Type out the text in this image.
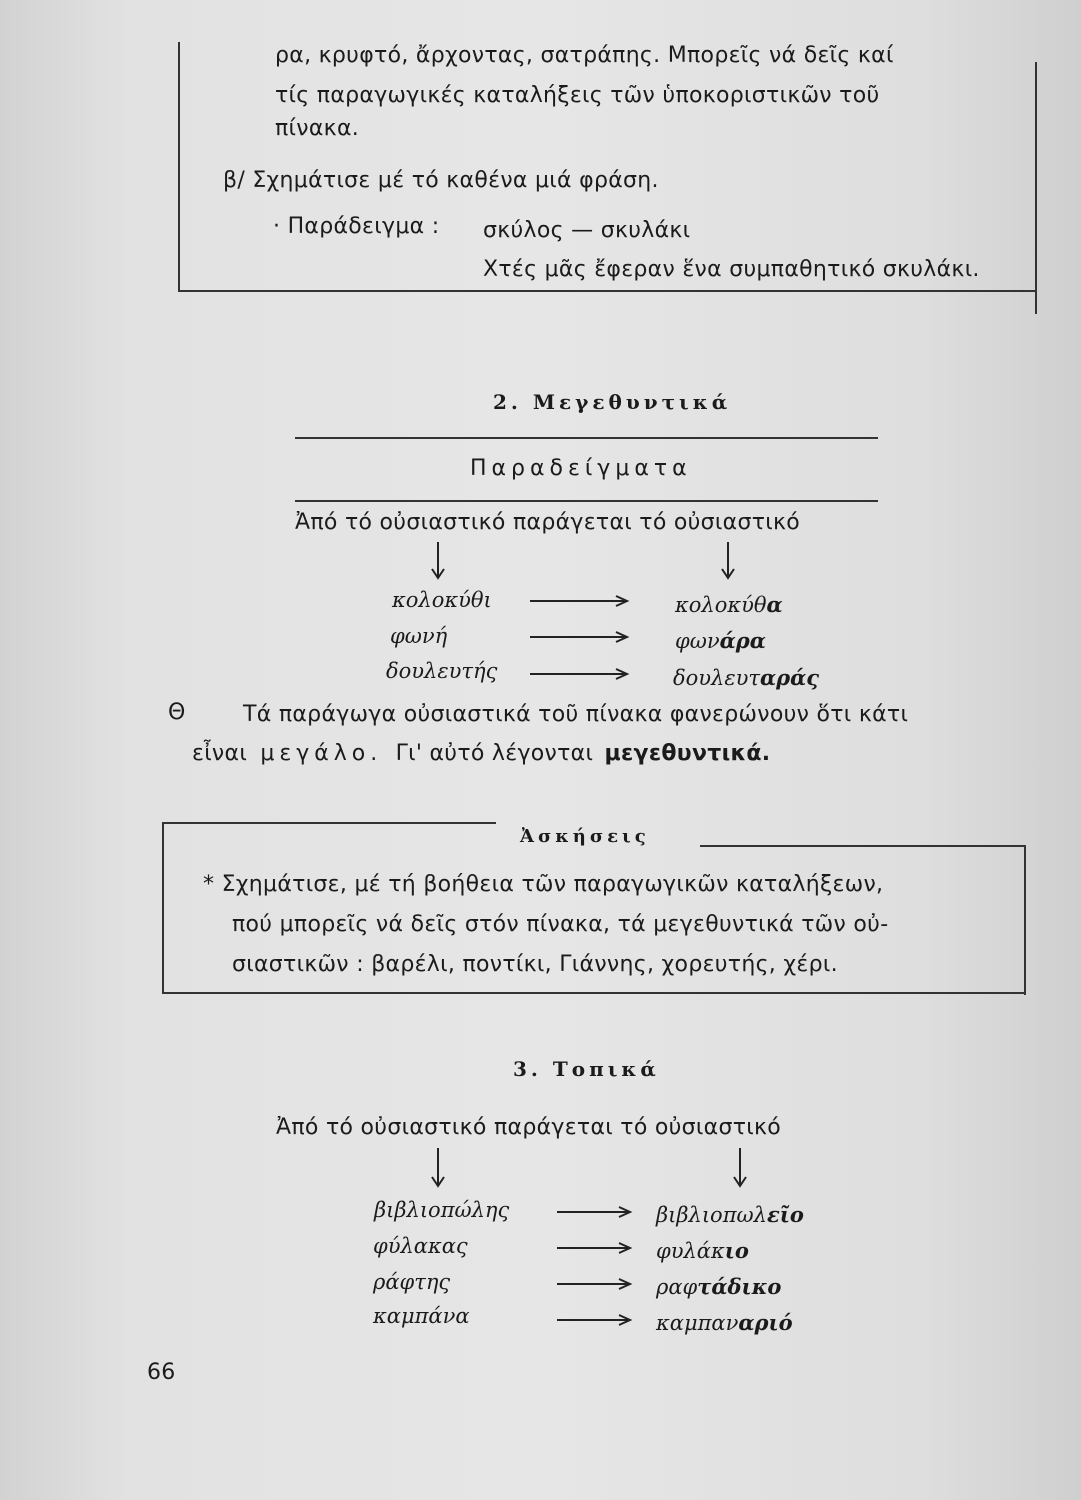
ρα, κρυφτό, ἄρχοντας, σατράπης. Μπορεῖς νά δεῖς καί
τίς παραγωγικές καταλήξεις τῶν ὑποκοριστικῶν τοῦ
πίνακα.
β/ Σχημάτισε μέ τό καθένα μιά φράση.
· Παράδειγμα : σκύλος — σκυλάκι
Χτές μᾶς ἔφεραν ἕνα συμπαθητικό σκυλάκι.
2. Μεγεθυντικά
Παραδείγματα
Ἀπό τό οὐσιαστικό παράγεται τό οὐσιαστικό
κολοκύθι	κολοκύθα
φωνή	φωνάρα
δουλευτής	δουλευταράς
Θ	Τά παράγωγα οὐσιαστικά τοῦ πίνακα φανερώνουν ὅτι κάτι
εἶναι μεγάλο. Γι' αὐτό λέγονται μεγεθυντικά.
Ἀσκήσεις
* Σχημάτισε, μέ τή βοήθεια τῶν παραγωγικῶν καταλήξεων,
πού μπορεῖς νά δεῖς στόν πίνακα, τά μεγεθυντικά τῶν οὐ-
σιαστικῶν : βαρέλι, ποντίκι, Γιάννης, χορευτής, χέρι.
3. Τοπικά
Ἀπό τό οὐσιαστικό παράγεται τό οὐσιαστικό
βιβλιοπώλης	βιβλιοπωλεῖο
φύλακας	φυλάκιο
ράφτης	ραφτάδικο
καμπάνα	καμπαναριό
66
